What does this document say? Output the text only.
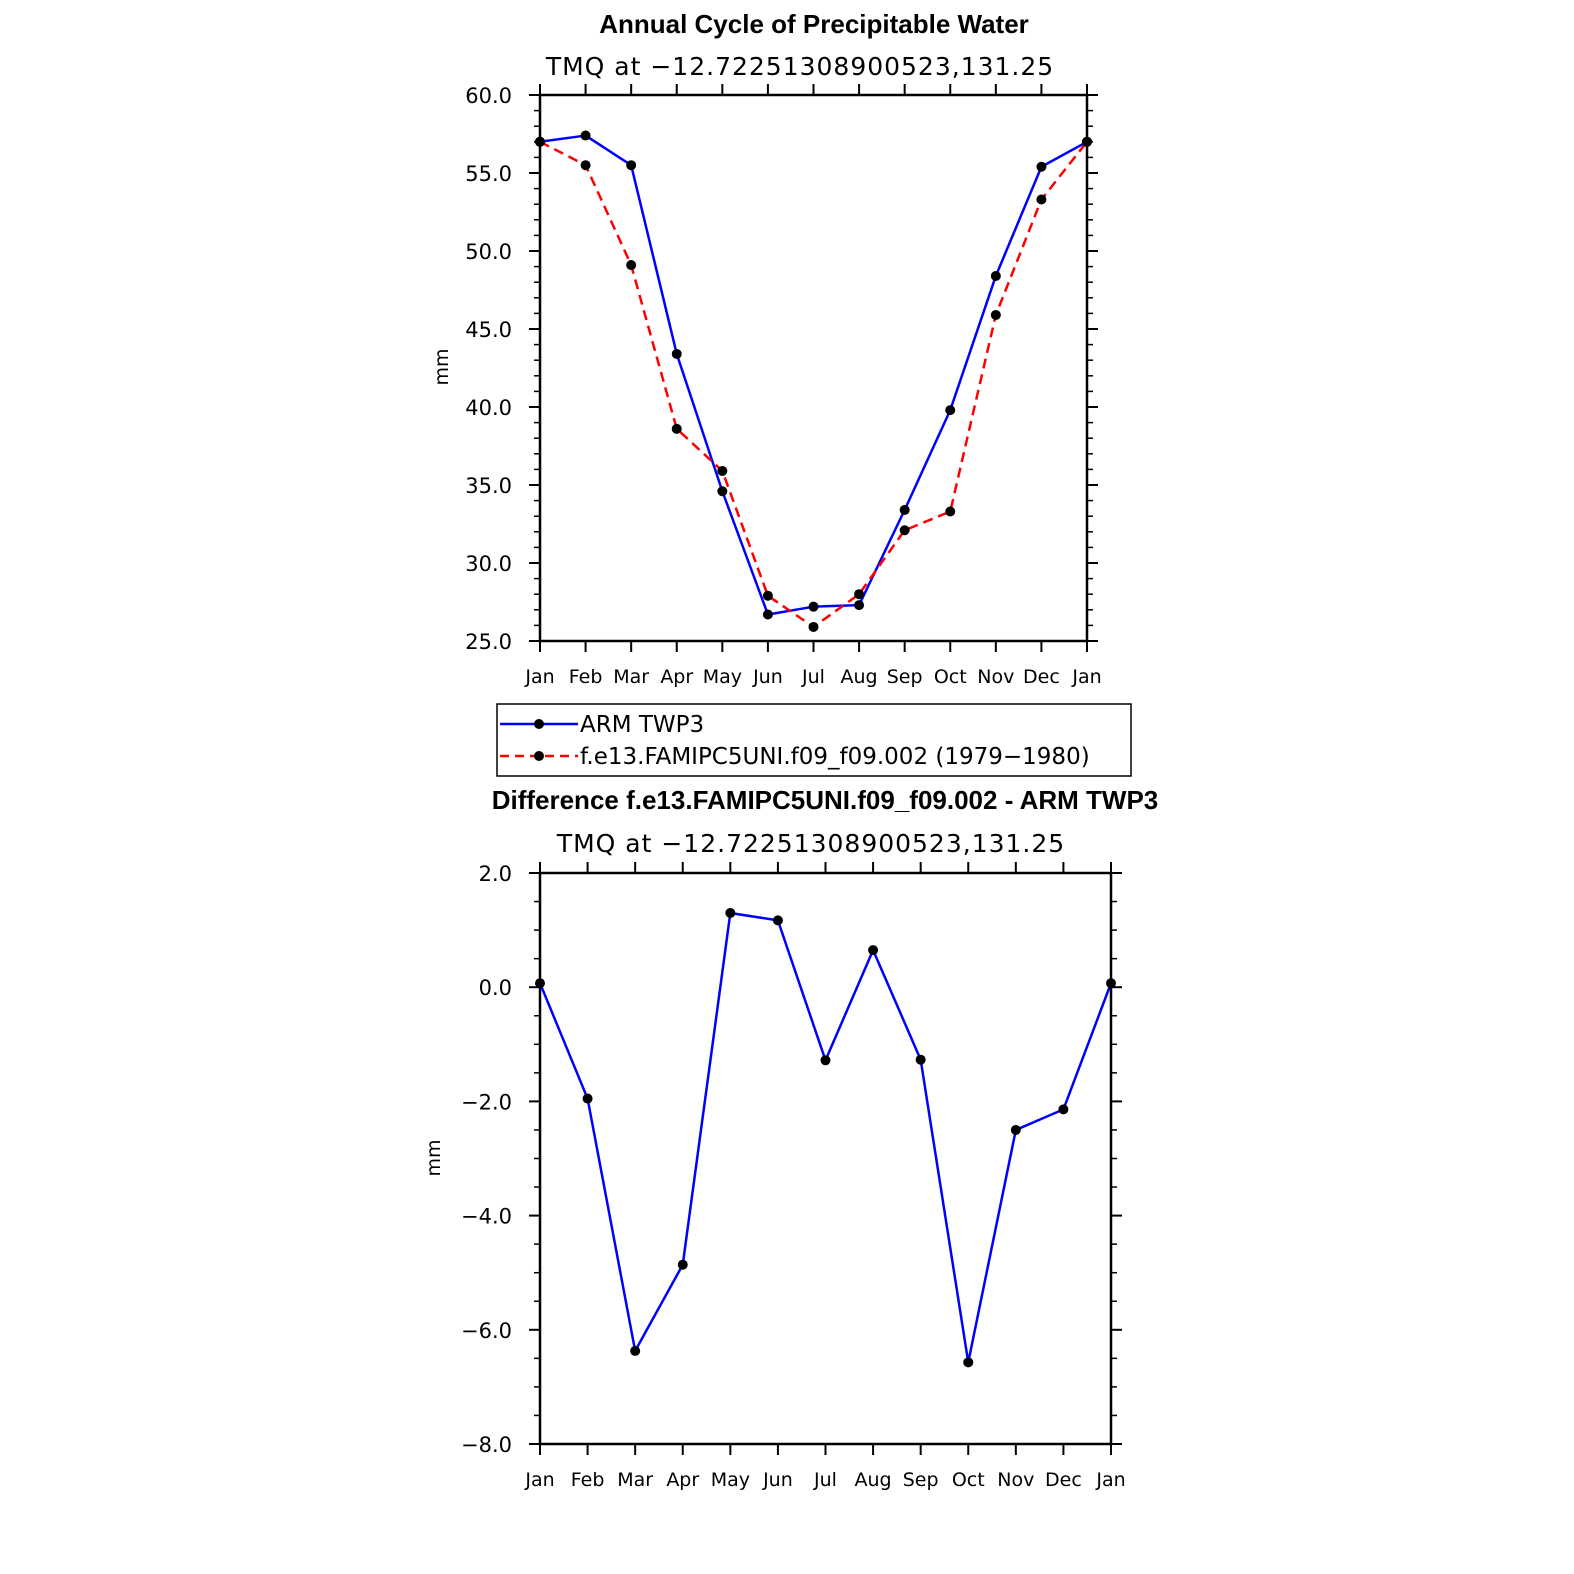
Annual Cycle of Precipitable Water
TMQ at −12.72251308900523,131.25
mm
25.0
30.0
35.0
40.0
45.0
50.0
55.0
60.0
Jan Feb Mar Apr May Jun Jul Aug Sep Oct Nov Dec Jan
ARM TWP3
f.e13.FAMIPC5UNI.f09_f09.002 (1979−1980)
Difference f.e13.FAMIPC5UNI.f09_f09.002 - ARM TWP3
TMQ at −12.72251308900523,131.25
mm
−8.0
−6.0
−4.0
−2.0
0.0
2.0
Jan Feb Mar Apr May Jun Jul Aug Sep Oct Nov Dec Jan
